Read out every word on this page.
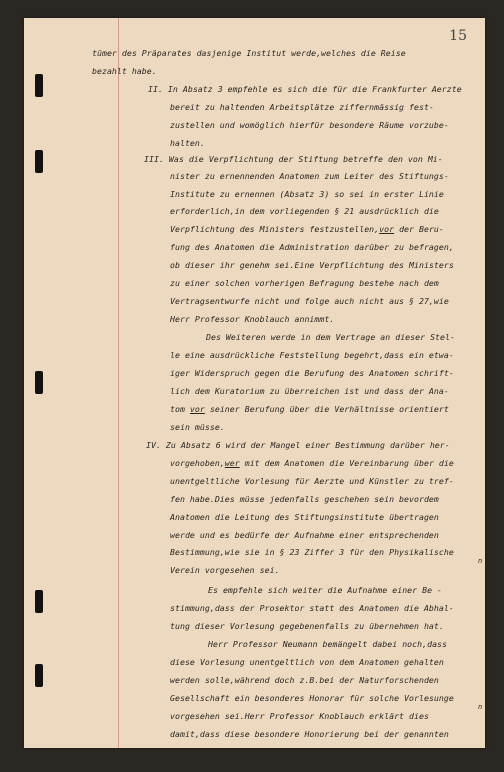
15
tümer des Präparates dasjenige Institut werde,welches die Reise
bezahlt habe.
II. In Absatz 3 empfehle es sich die für die Frankfurter Aerzte
bereit zu haltenden Arbeitsplätze ziffernmässig fest-
zustellen und womöglich hierfür besondere Räume vorzube-
halten.
III. Was die Verpflichtung der Stiftung betreffe den von Mi-
nister zu ernennenden Anatomen zum Leiter des Stiftungs-
Institute zu ernennen (Absatz 3) so sei in erster Linie
erforderlich,in dem vorliegenden § 21 ausdrücklich die
Verpflichtung des Ministers festzustellen,vor der Beru-
fung des Anatomen die Administration darüber zu befragen,
ob dieser ihr genehm sei.Eine Verpflichtung des Ministers
zu einer solchen vorherigen Befragung bestehe nach dem
Vertragsentwurfe nicht und folge auch nicht aus § 27,wie
Herr Professor Knoblauch annimmt.
Des Weiteren werde in dem Vertrage an dieser Stel-
le eine ausdrückliche Feststellung begehrt,dass ein etwa-
iger Widerspruch gegen die Berufung des Anatomen schrift-
lich dem Kuratorium zu überreichen ist und dass der Ana-
tom vor seiner Berufung über die Verhältnisse orientiert
sein müsse.
IV. Zu Absatz 6 wird der Mangel einer Bestimmung darüber her-
vorgehoben,wer mit dem Anatomen die Vereinbarung über die
unentgeltliche Vorlesung für Aerzte und Künstler zu tref-
fen habe.Dies müsse jedenfalls geschehen sein bevordem
Anatomen die Leitung des Stiftungsinstitute übertragen
werde und es bedürfe der Aufnahme einer entsprechenden
Bestimmung,wie sie in § 23 Ziffer 3 für den Physikalische
n
Verein vorgesehen sei.
Es empfehle sich weiter die Aufnahme einer Be -
stimmung,dass der Prosektor statt des Anatomen die Abhal-
tung dieser Vorlesung gegebenenfalls zu übernehmen hat.
Herr Professor Neumann bemängelt dabei noch,dass
diese Vorlesung unentgeltlich von dem Anatomen gehalten
werden solle,während doch z.B.bei der Naturforschenden
Gesellschaft ein besonderes Honorar für solche Vorlesunge
n
vorgesehen sei.Herr Professor Knoblauch erklärt dies
damit,dass diese besondere Honorierung bei der genannten
